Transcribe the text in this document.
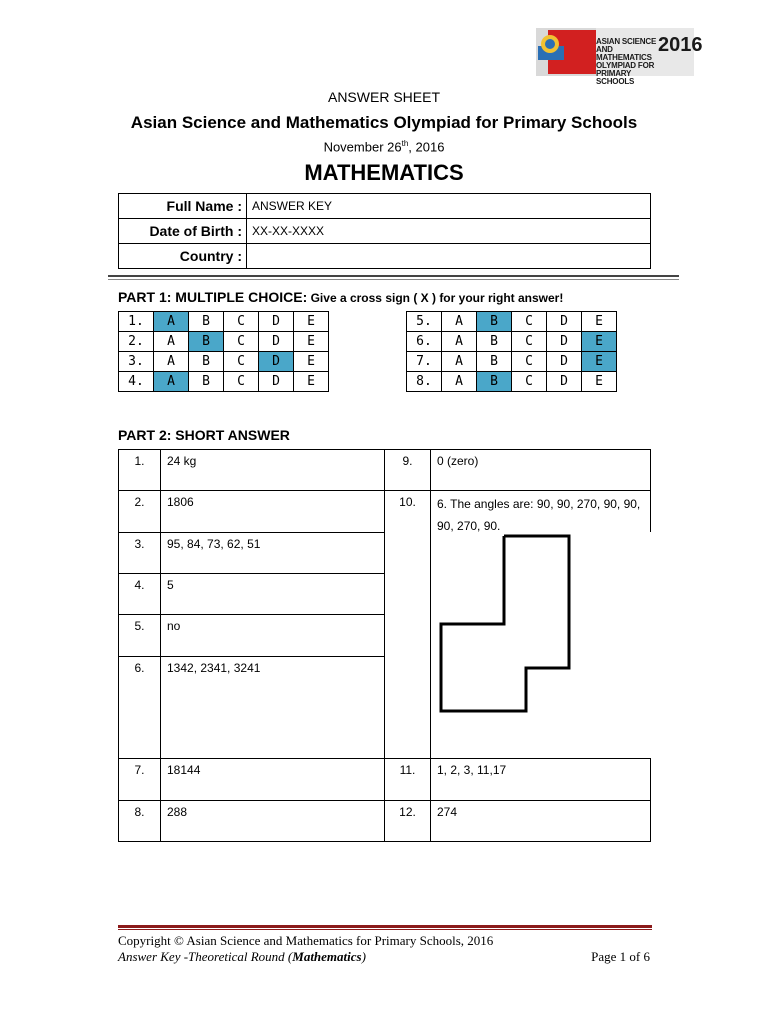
2016
ASIAN SCIENCE AND MATHEMATICS OLYMPIAD FOR PRIMARY SCHOOLS
ANSWER SHEET
Asian Science and Mathematics Olympiad for Primary Schools
November 26th, 2016
MATHEMATICS
Full Name :	ANSWER KEY
Date of Birth :	XX-XX-XXXX
Country :	
PART 1: MULTIPLE CHOICE: Give a cross sign ( X ) for your right answer!
1.	A	B	C	D	E
2.	A	B	C	D	E
3.	A	B	C	D	E
4.	A	B	C	D	E
5.	A	B	C	D	E
6.	A	B	C	D	E
7.	A	B	C	D	E
8.	A	B	C	D	E
PART 2: SHORT ANSWER
1.	24 kg
2.	1806
3.	95, 84, 73, 62, 51
4.	5
5.	no
6.	1342, 2341, 3241
7.	18144
8.	288
9.	0 (zero)
10.	6. The angles are: 90, 90, 270, 90, 90, 90, 270, 90.
11.	1, 2, 3, 11,17
12.	274
Copyright © Asian Science and Mathematics for Primary Schools, 2016
Answer Key -Theoretical Round (Mathematics)	Page 1 of 6
